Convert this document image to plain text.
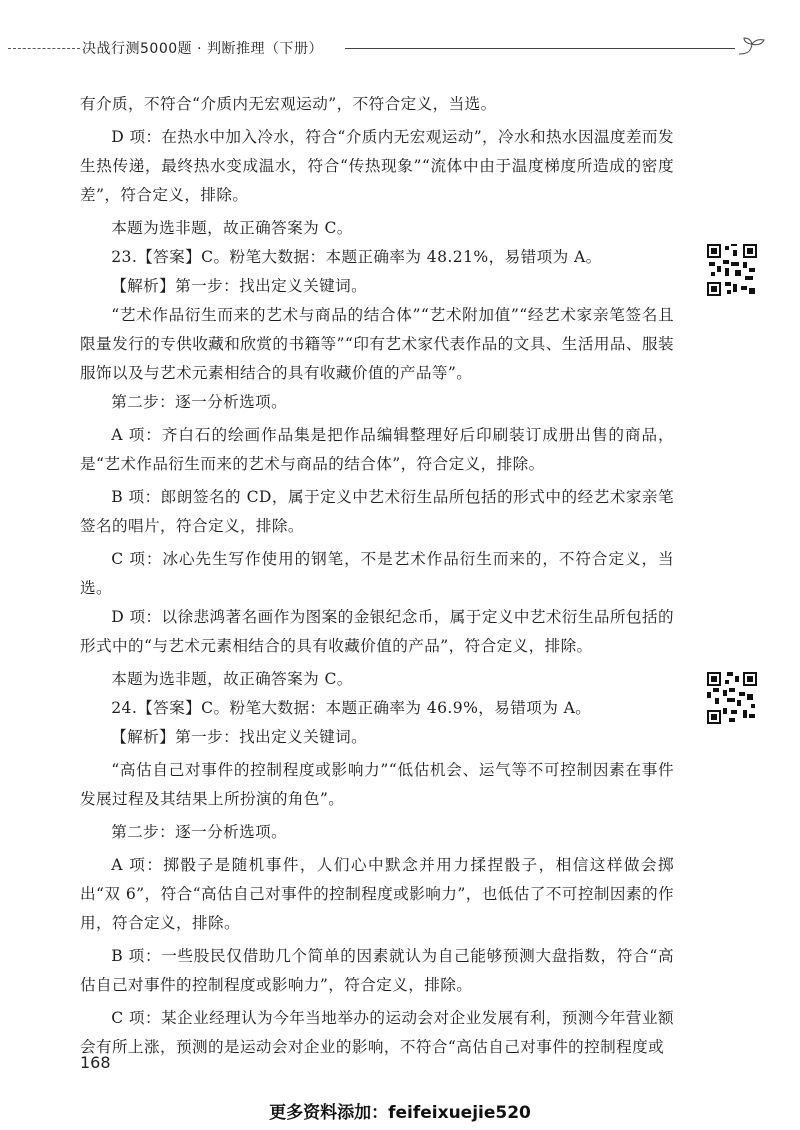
决战行测5000题 · 判断推理（下册）

有介质，不符合“介质内无宏观运动”，不符合定义，当选。

D 项：在热水中加入冷水，符合“介质内无宏观运动”，冷水和热水因温度差而发生热传递，最终热水变成温水，符合“传热现象”“流体中由于温度梯度所造成的密度差”，符合定义，排除。

本题为选非题，故正确答案为 C。

23.【答案】C。粉笔大数据：本题正确率为 48.21%，易错项为 A。

【解析】第一步：找出定义关键词。

“艺术作品衍生而来的艺术与商品的结合体”“艺术附加值”“经艺术家亲笔签名且限量发行的专供收藏和欣赏的书籍等”“印有艺术家代表作品的文具、生活用品、服装服饰以及与艺术元素相结合的具有收藏价值的产品等”。

第二步：逐一分析选项。

A 项：齐白石的绘画作品集是把作品编辑整理好后印刷装订成册出售的商品，是“艺术作品衍生而来的艺术与商品的结合体”，符合定义，排除。

B 项：郎朗签名的 CD，属于定义中艺术衍生品所包括的形式中的经艺术家亲笔签名的唱片，符合定义，排除。

C 项：冰心先生写作使用的钢笔，不是艺术作品衍生而来的，不符合定义，当选。

D 项：以徐悲鸿著名画作为图案的金银纪念币，属于定义中艺术衍生品所包括的形式中的“与艺术元素相结合的具有收藏价值的产品”，符合定义，排除。

本题为选非题，故正确答案为 C。

24.【答案】C。粉笔大数据：本题正确率为 46.9%，易错项为 A。

【解析】第一步：找出定义关键词。

“高估自己对事件的控制程度或影响力”“低估机会、运气等不可控制因素在事件发展过程及其结果上所扮演的角色”。

第二步：逐一分析选项。

A 项：掷骰子是随机事件，人们心中默念并用力揉捏骰子，相信这样做会掷出“双 6”，符合“高估自己对事件的控制程度或影响力”，也低估了不可控制因素的作用，符合定义，排除。

B 项：一些股民仅借助几个简单的因素就认为自己能够预测大盘指数，符合“高估自己对事件的控制程度或影响力”，符合定义，排除。

C 项：某企业经理认为今年当地举办的运动会对企业发展有利，预测今年营业额会有所上涨，预测的是运动会对企业的影响，不符合“高估自己对事件的控制程度或

168
更多资料添加：feifeixuejie520
